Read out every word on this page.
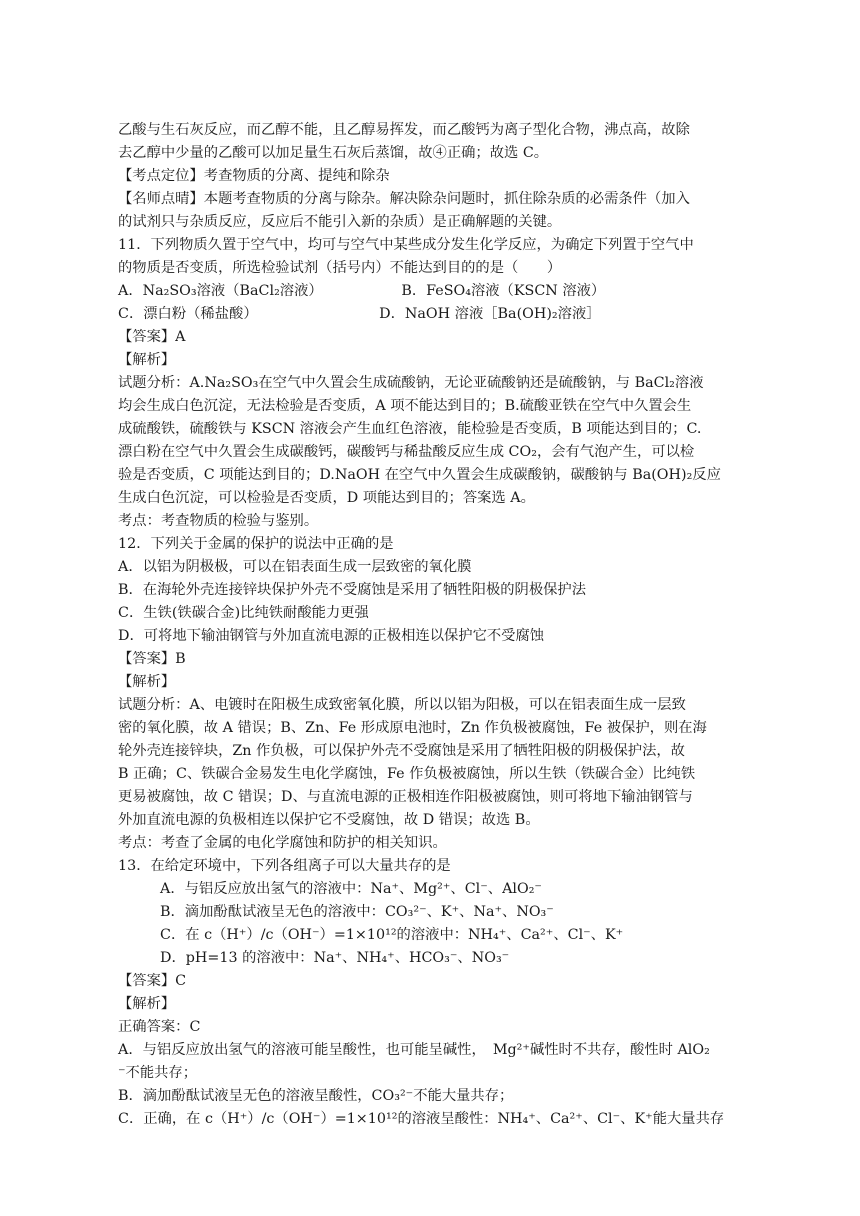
乙酸与生石灰反应，而乙醇不能，且乙醇易挥发，而乙酸钙为离子型化合物，沸点高，故除

去乙醇中少量的乙酸可以加足量生石灰后蒸馏，故④正确；故选 C。

【考点定位】考查物质的分离、提纯和除杂

【名师点晴】本题考查物质的分离与除杂。解决除杂问题时，抓住除杂质的必需条件（加入

的试剂只与杂质反应，反应后不能引入新的杂质）是正确解题的关键。

11．下列物质久置于空气中，均可与空气中某些成分发生化学反应，为确定下列置于空气中

的物质是否变质，所选检验试剂（括号内）不能达到目的的是（　　）

A．Na₂SO₃溶液（BaCl₂溶液）　　　　　　B．FeSO₄溶液（KSCN 溶液）

C．漂白粉（稀盐酸）　　　　　　　　　D．NaOH 溶液［Ba(OH)₂溶液］

【答案】A

【解析】

试题分析：A.Na₂SO₃在空气中久置会生成硫酸钠，无论亚硫酸钠还是硫酸钠，与 BaCl₂溶液

均会生成白色沉淀，无法检验是否变质，A 项不能达到目的；B.硫酸亚铁在空气中久置会生

成硫酸铁，硫酸铁与 KSCN 溶液会产生血红色溶液，能检验是否变质，B 项能达到目的；C.

漂白粉在空气中久置会生成碳酸钙，碳酸钙与稀盐酸反应生成 CO₂，会有气泡产生，可以检

验是否变质，C 项能达到目的；D.NaOH 在空气中久置会生成碳酸钠，碳酸钠与 Ba(OH)₂反应

生成白色沉淀，可以检验是否变质，D 项能达到目的；答案选 A。

考点：考查物质的检验与鉴别。

12．下列关于金属的保护的说法中正确的是

A．以铝为阴极极，可以在铝表面生成一层致密的氧化膜

B．在海轮外壳连接锌块保护外壳不受腐蚀是采用了牺牲阳极的阴极保护法

C．生铁(铁碳合金)比纯铁耐酸能力更强

D．可将地下输油钢管与外加直流电源的正极相连以保护它不受腐蚀

【答案】B

【解析】

试题分析：A、电镀时在阳极生成致密氧化膜，所以以铝为阳极，可以在铝表面生成一层致

密的氧化膜，故 A 错误；B、Zn、Fe 形成原电池时，Zn 作负极被腐蚀，Fe 被保护，则在海

轮外壳连接锌块，Zn 作负极，可以保护外壳不受腐蚀是采用了牺牲阳极的阴极保护法，故

B 正确；C、铁碳合金易发生电化学腐蚀，Fe 作负极被腐蚀，所以生铁（铁碳合金）比纯铁

更易被腐蚀，故 C 错误；D、与直流电源的正极相连作阳极被腐蚀，则可将地下输油钢管与

外加直流电源的负极相连以保护它不受腐蚀，故 D 错误；故选 B。

考点：考查了金属的电化学腐蚀和防护的相关知识。

13．在给定环境中，下列各组离子可以大量共存的是

A．与铝反应放出氢气的溶液中：Na⁺、Mg²⁺、Cl⁻、AlO₂⁻

B．滴加酚酞试液呈无色的溶液中：CO₃²⁻、K⁺、Na⁺、NO₃⁻

C．在 c（H⁺）/c（OH⁻）=1×10¹²的溶液中：NH₄⁺、Ca²⁺、Cl⁻、K⁺

D．pH=13 的溶液中：Na⁺、NH₄⁺、HCO₃⁻、NO₃⁻

【答案】C

【解析】

正确答案：C

A．与铝反应放出氢气的溶液可能呈酸性，也可能呈碱性，　Mg²⁺碱性时不共存，酸性时 AlO₂

⁻不能共存；

B．滴加酚酞试液呈无色的溶液呈酸性，CO₃²⁻不能大量共存；

C．正确，在 c（H⁺）/c（OH⁻）=1×10¹²的溶液呈酸性：NH₄⁺、Ca²⁺、Cl⁻、K⁺能大量共存
